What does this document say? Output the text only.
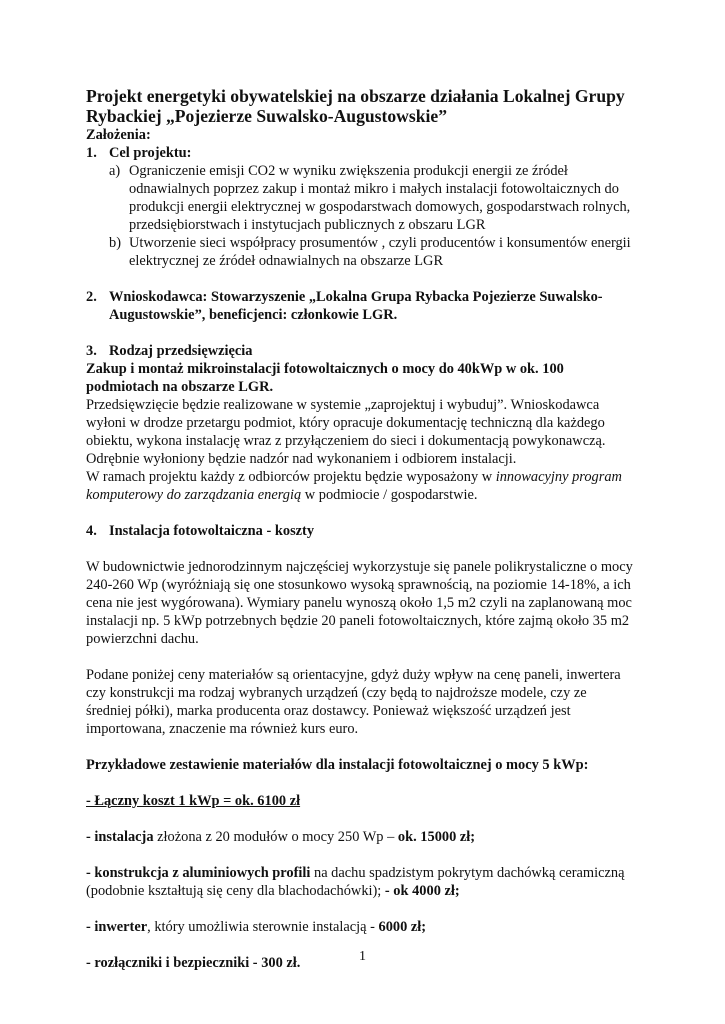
Projekt energetyki obywatelskiej na obszarze działania Lokalnej Grupy Rybackiej „Pojezierze Suwalsko-Augustowskie”

Założenia:

1. Cel projektu:
a) Ograniczenie emisji CO2 w wyniku zwiększenia produkcji energii ze źródeł odnawialnych poprzez zakup i montaż mikro i małych instalacji fotowoltaicznych do produkcji energii elektrycznej w gospodarstwach domowych, gospodarstwach rolnych, przedsiębiorstwach i instytucjach publicznych z obszaru LGR
b) Utworzenie sieci współpracy prosumentów , czyli producentów i konsumentów energii elektrycznej ze źródeł odnawialnych na obszarze LGR
2. Wnioskodawca: Stowarzyszenie „Lokalna Grupa Rybacka Pojezierze Suwalsko-Augustowskie”, beneficjenci: członkowie LGR.
3. Rodzaj przedsięwzięcia

Zakup i montaż mikroinstalacji fotowoltaicznych o mocy do 40kWp w ok. 100 podmiotach na obszarze LGR.

Przedsięwzięcie będzie realizowane w systemie „zaprojektuj i wybuduj”. Wnioskodawca wyłoni w drodze przetargu podmiot, który opracuje dokumentację techniczną dla każdego obiektu, wykona instalację wraz z przyłączeniem do sieci i dokumentacją powykonawczą. Odrębnie wyłoniony będzie nadzór nad wykonaniem i odbiorem instalacji.

W ramach projektu każdy z odbiorców projektu będzie wyposażony w innowacyjny program komputerowy do zarządzania energią w podmiocie / gospodarstwie.

4. Instalacja fotowoltaiczna - koszty

W budownictwie jednorodzinnym najczęściej wykorzystuje się panele polikrystaliczne o mocy 240-260 Wp (wyróżniają się one stosunkowo wysoką sprawnością, na poziomie 14-18%, a ich cena nie jest wygórowana). Wymiary panelu wynoszą około 1,5 m2 czyli na zaplanowaną moc instalacji np. 5 kWp potrzebnych będzie 20 paneli fotowoltaicznych, które zajmą około 35 m2 powierzchni dachu.

Podane poniżej ceny materiałów są orientacyjne, gdyż duży wpływ na cenę paneli, inwertera czy konstrukcji ma rodzaj wybranych urządzeń (czy będą to najdroższe modele, czy ze średniej półki), marka producenta oraz dostawcy. Ponieważ większość urządzeń jest importowana, znaczenie ma również kurs euro.

Przykładowe zestawienie materiałów dla instalacji fotowoltaicznej o mocy 5 kWp:

- Łączny koszt 1 kWp = ok. 6100 zł

- instalacja złożona z 20 modułów o mocy 250 Wp – ok. 15000 zł;

- konstrukcja z aluminiowych profili na dachu spadzistym pokrytym dachówką ceramiczną (podobnie kształtują się ceny dla blachodachówki); - ok 4000 zł;

- inwerter, który umożliwia sterownie instalacją - 6000 zł;

- rozłączniki i bezpieczniki - 300 zł.	1
